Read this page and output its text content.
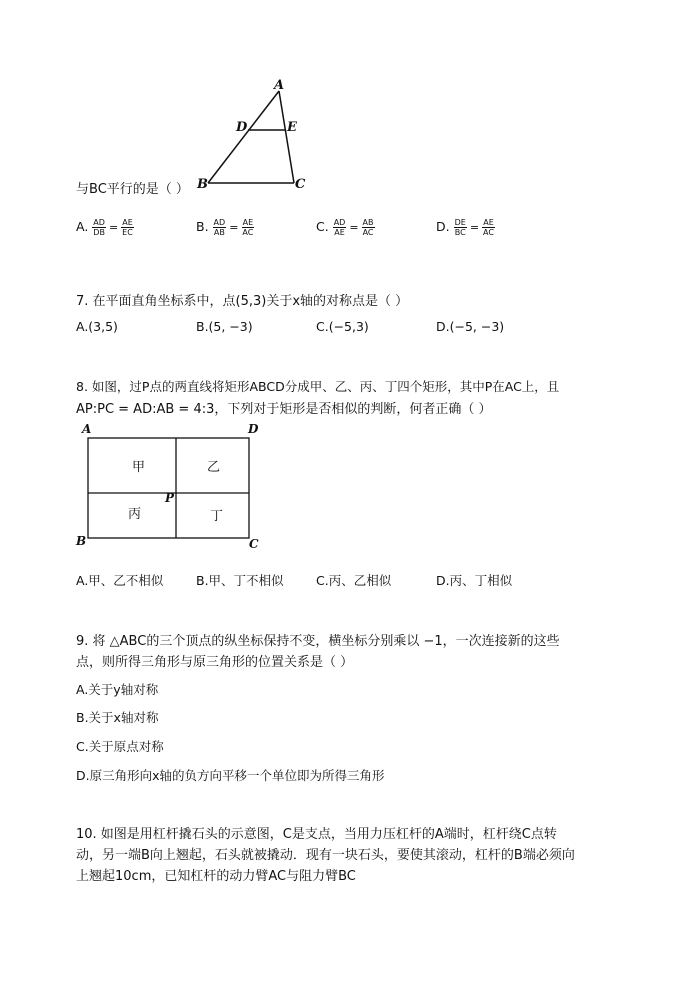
A
D	E
B	C
与BC平行的是（ ）
A. $\frac{AD}{DB} = \frac{AE}{EC}$	B. $\frac{AD}{AB} = \frac{AE}{AC}$	C. $\frac{AD}{AE} = \frac{AB}{AC}$	D. $\frac{DE}{BC} = \frac{AE}{AC}$
7. 在平面直角坐标系中，点(5,3)关于x轴的对称点是（ ）
A.(3,5)	B.(5, −3)	C.(−5,3)	D.(−5, −3)
8. 如图，过P点的两直线将矩形ABCD分成甲、乙、丙、丁四个矩形，其中P在AC上，且
AP:PC = AD:AB = 4:3，下列对于矩形是否相似的判断，何者正确（ ）
A	D
B	C
P
甲	乙
丙	丁
A.甲、乙不相似	B.甲、丁不相似	C.丙、乙相似	D.丙、丁相似
9. 将 △ABC的三个顶点的纵坐标保持不变，横坐标分别乘以 −1，一次连接新的这些
点，则所得三角形与原三角形的位置关系是（ ）
A.关于y轴对称
B.关于x轴对称
C.关于原点对称
D.原三角形向x轴的负方向平移一个单位即为所得三角形
10. 如图是用杠杆撬石头的示意图，C是支点，当用力压杠杆的A端时，杠杆绕C点转
动，另一端B向上翘起，石头就被撬动．现有一块石头，要使其滚动，杠杆的B端必须向
上翘起10cm，已知杠杆的动力臂AC与阻力臂BC
